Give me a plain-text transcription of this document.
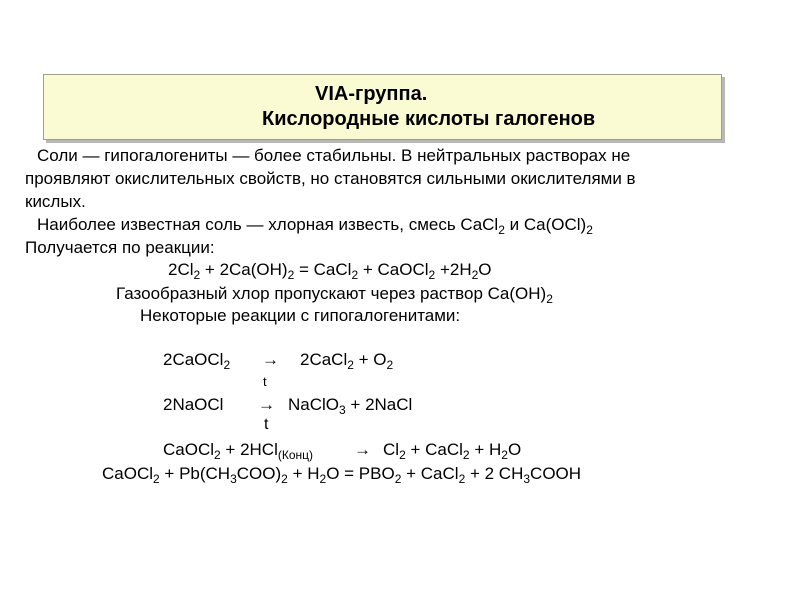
VIA-группа.
Кислородные кислоты галогенов
Соли — гипогалогениты — более стабильны. В нейтральных растворах не
проявляют окислительных свойств, но становятся сильными окислителями в
кислых.
Наиболее известная соль — хлорная известь, смесь CaCl$_2$ и $Ca(OCl)_2$
Получается по реакции:
$2Cl_2 + 2Ca(OH)_2$ = CaCl$_2$ + CaOCl$_2$ $+2H_2O$
Газообразный хлор пропускают через раствор $Ca(OH)_2$
Некоторые реакции с гипогалогенитами:
2CaOCl$_2$ → 2CaCl$_2$ + $O_2$
t
2NaOCl → NaClO$_3$ + 2NaCl
t
CaOCl$_2$ + $2HCl_{(Конц)} \to Cl_2$ + CaCl$_2$ + $H_2O$
CaOCl$_2$ + $Pb(CH_3COO)_2 + H_2O = PBO_2$ + CaCl$_2$ + 2 $CH_3COOH$
